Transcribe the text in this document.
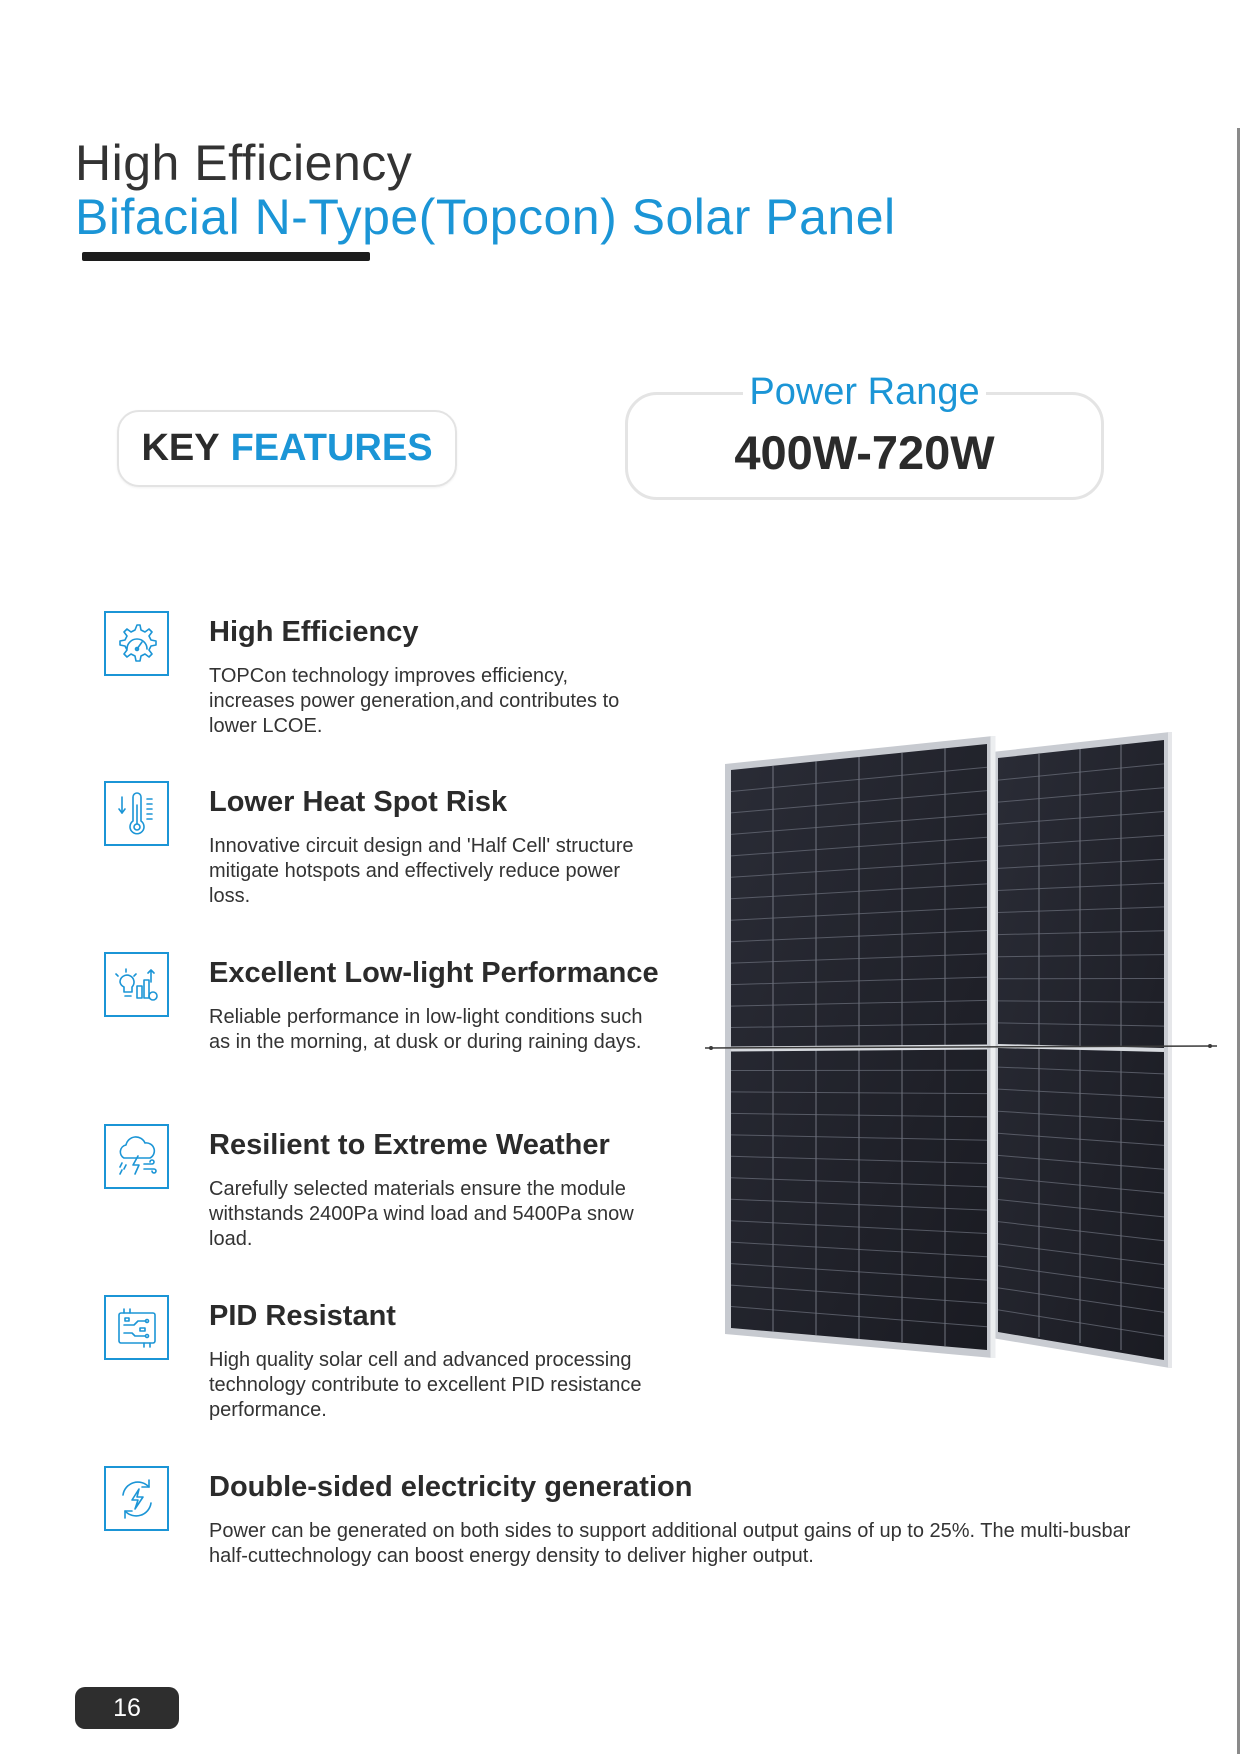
High Efficiency
Bifacial N-Type(Topcon) Solar Panel
KEY FEATURES
Power Range
400W-720W
High Efficiency
TOPCon technology improves efficiency, increases power generation,and contributes to lower LCOE.
Lower Heat Spot Risk
Innovative circuit design and 'Half Cell' structure mitigate hotspots and effectively reduce power loss.
Excellent Low-light Performance
Reliable performance in low-light conditions such as in the morning, at dusk or during raining days.
Resilient to Extreme Weather
Carefully selected materials ensure the module withstands 2400Pa wind load and 5400Pa snow load.
PID Resistant
High quality solar cell and advanced processing technology contribute to excellent PID resistance performance.
Double-sided electricity generation
Power can be generated on both sides to support additional output gains of up to 25%. The multi-busbar half-cuttechnology can boost energy density to deliver higher output.
16
